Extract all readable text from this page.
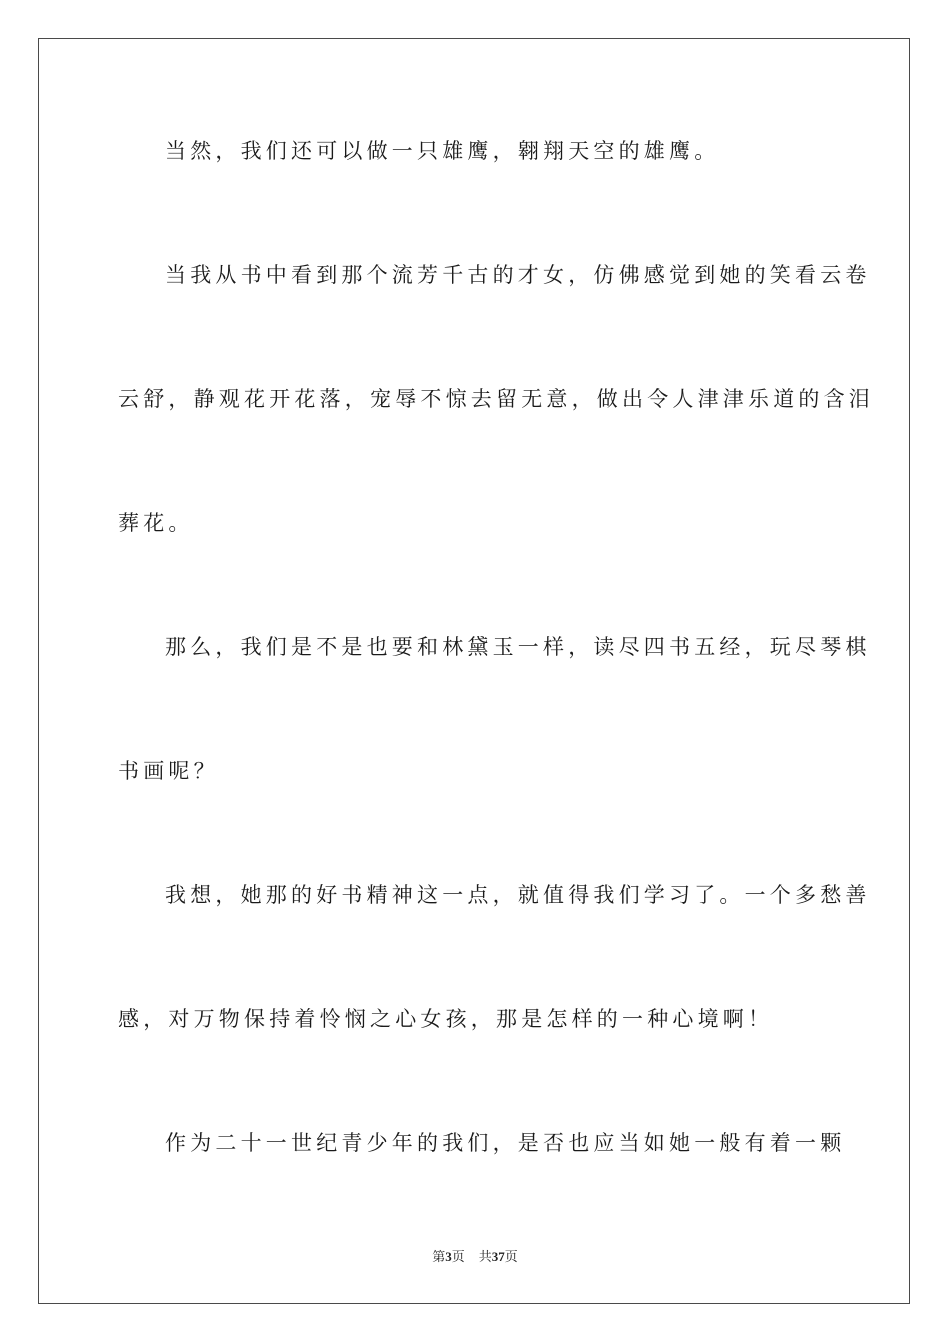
当然，我们还可以做一只雄鹰，翱翔天空的雄鹰。
当我从书中看到那个流芳千古的才女，仿佛感觉到她的笑看云卷
云舒，静观花开花落，宠辱不惊去留无意，做出令人津津乐道的含泪
葬花。
那么，我们是不是也要和林黛玉一样，读尽四书五经，玩尽琴棋
书画呢？
我想，她那的好书精神这一点，就值得我们学习了。一个多愁善
感，对万物保持着怜悯之心女孩，那是怎样的一种心境啊！
作为二十一世纪青少年的我们，是否也应当如她一般有着一颗
第3页 共37页
